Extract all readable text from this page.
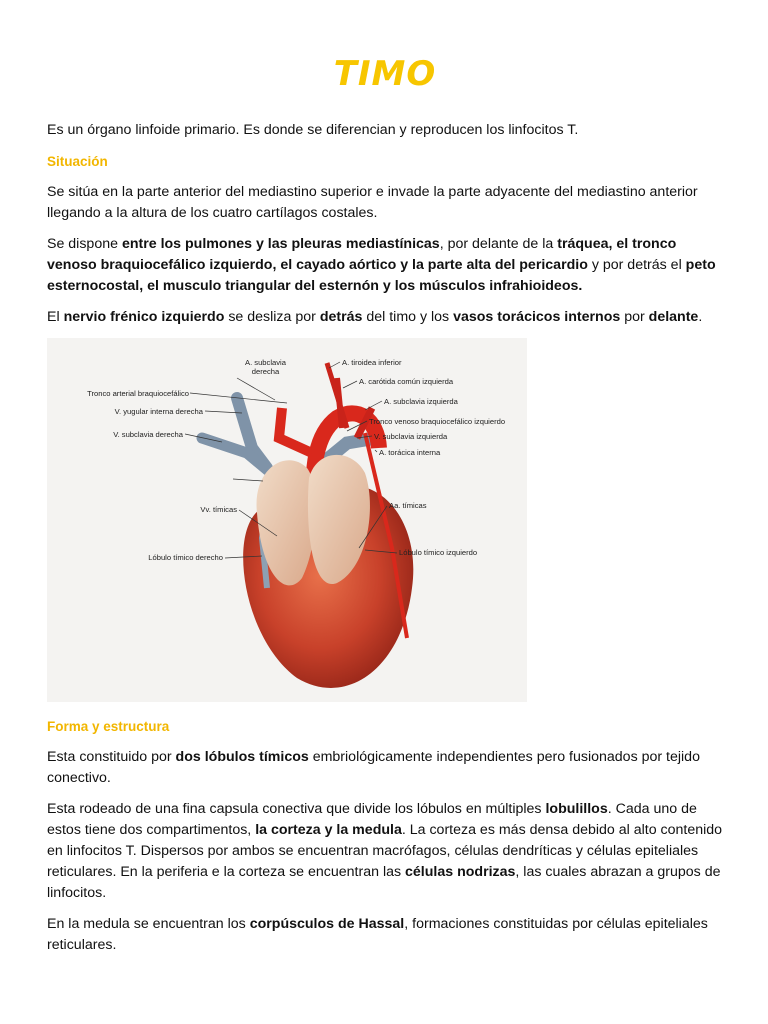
TIMO

Es un órgano linfoide primario. Es donde se diferencian y reproducen los linfocitos T.

Situación

Se sitúa en la parte anterior del mediastino superior e invade la parte adyacente del mediastino anterior llegando a la altura de los cuatro cartílagos costales.

Se dispone entre los pulmones y las pleuras mediastínicas, por delante de la tráquea, el tronco venoso braquiocefálico izquierdo, el cayado aórtico y la parte alta del pericardio y por detrás el peto esternocostal, el musculo triangular del esternón y los músculos infrahioideos.

El nervio frénico izquierdo se desliza por detrás del timo y los vasos torácicos internos por delante.

A. subclavia
derecha
A. tiroidea inferior
A. carótida común izquierda
Tronco arterial braquiocefálico
A. subclavia izquierda
V. yugular interna derecha
Tronco venoso braquiocefálico izquierdo
V. subclavia derecha	V. subclavia izquierda
A. torácica interna
Aa. tímicas
Vv. tímicas
Lóbulo tímico izquierdo
Lóbulo tímico derecho
Forma y estructura

Esta constituido por dos lóbulos tímicos embriológicamente independientes pero fusionados por tejido conectivo.

Esta rodeado de una fina capsula conectiva que divide los lóbulos en múltiples lobulillos. Cada uno de estos tiene dos compartimentos, la corteza y la medula. La corteza es más densa debido al alto contenido en linfocitos T. Dispersos por ambos se encuentran macrófagos, células dendríticas y células epiteliales reticulares. En la periferia e la corteza se encuentran las células nodrizas, las cuales abrazan a grupos de linfocitos.

En la medula se encuentran los corpúsculos de Hassal, formaciones constituidas por células epiteliales reticulares.
